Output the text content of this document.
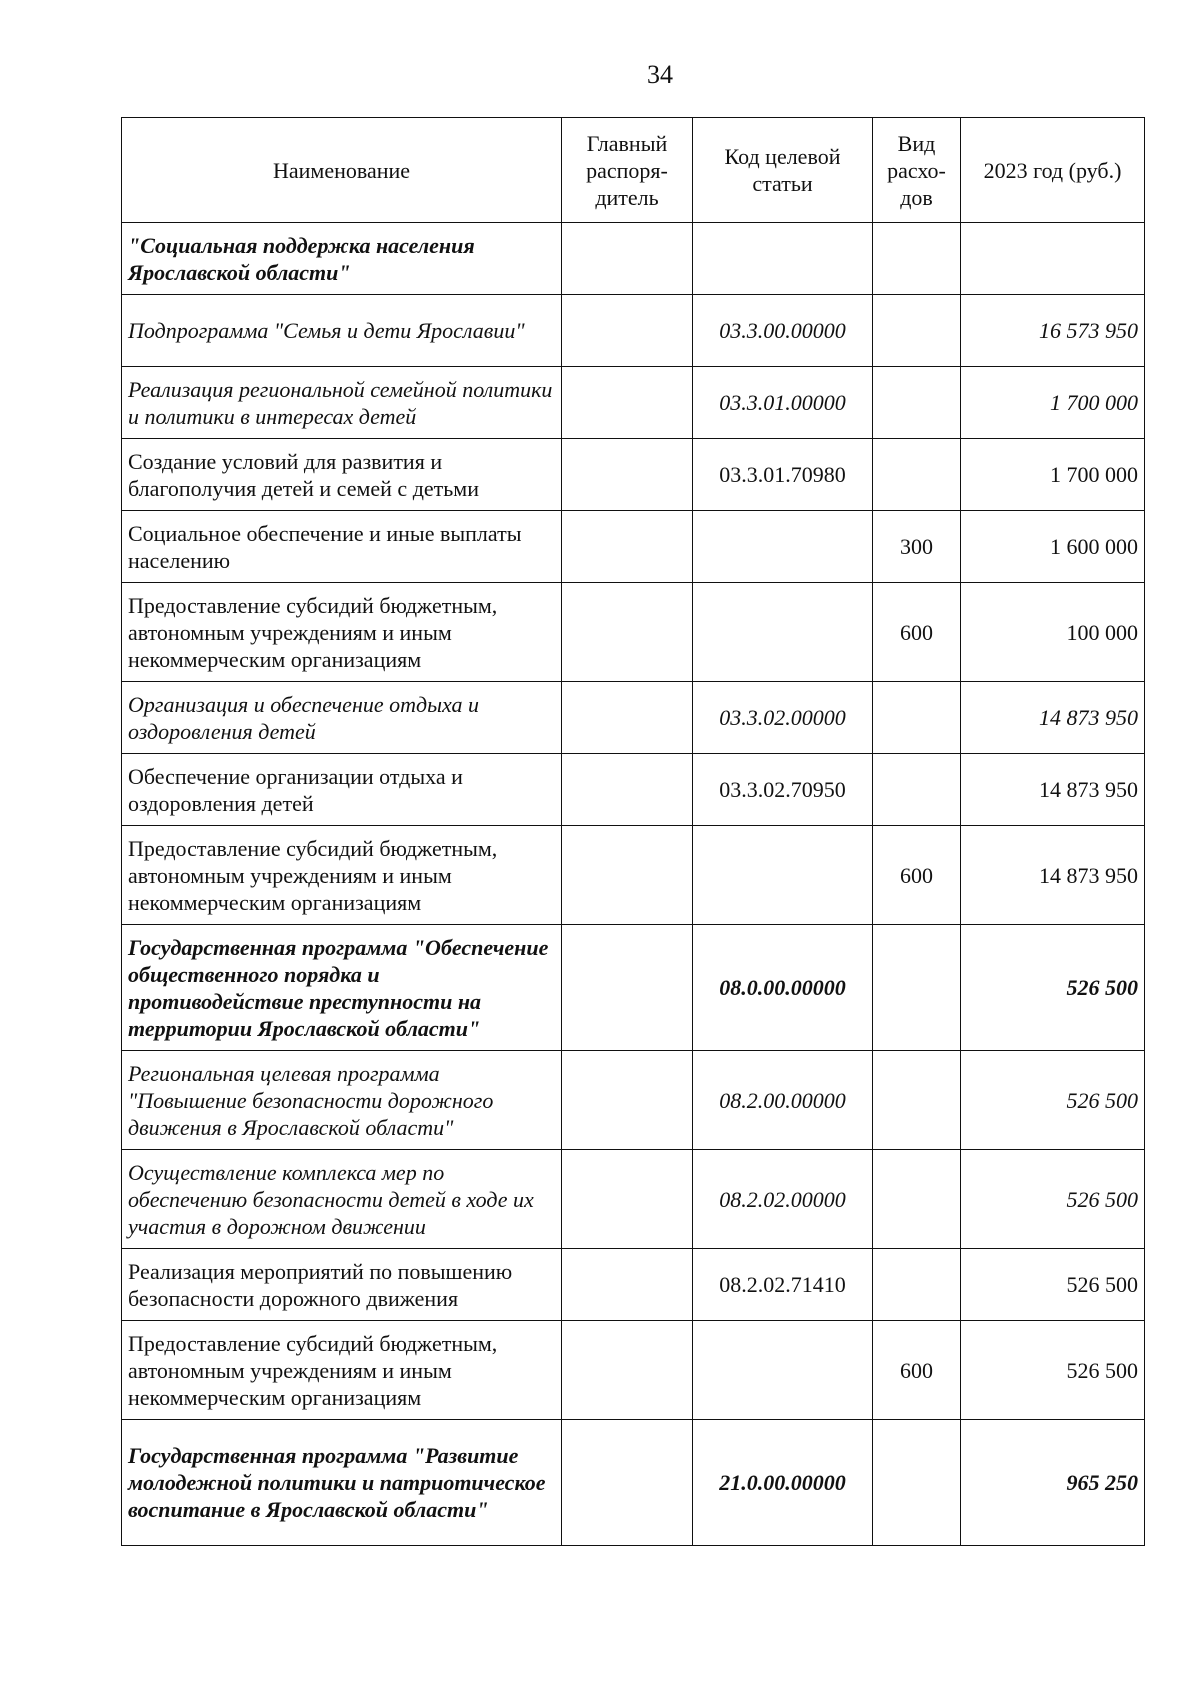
34
Наименование	Главный распоря-дитель	Код целевой статьи	Вид расхо-дов	2023 год (руб.)
"Социальная поддержка населения Ярославской области"				
Подпрограмма "Семья и дети Ярославии"		03.3.00.00000		16 573 950
Реализация региональной семейной политики и политики в интересах детей		03.3.01.00000		1 700 000
Создание условий для развития и благополучия детей и семей с детьми		03.3.01.70980		1 700 000
Социальное обеспечение и иные выплаты населению			300	1 600 000
Предоставление субсидий бюджетным, автономным учреждениям и иным некоммерческим организациям			600	100 000
Организация и обеспечение отдыха и оздоровления детей		03.3.02.00000		14 873 950
Обеспечение организации отдыха и оздоровления детей		03.3.02.70950		14 873 950
Предоставление субсидий бюджетным, автономным учреждениям и иным некоммерческим организациям			600	14 873 950
Государственная программа "Обеспечение общественного порядка и противодействие преступности на территории Ярославской области"		08.0.00.00000		526 500
Региональная целевая программа "Повышение безопасности дорожного движения в Ярославской области"		08.2.00.00000		526 500
Осуществление комплекса мер по обеспечению безопасности детей в ходе их участия в дорожном движении		08.2.02.00000		526 500
Реализация мероприятий по повышению безопасности дорожного движения		08.2.02.71410		526 500
Предоставление субсидий бюджетным, автономным учреждениям и иным некоммерческим организациям			600	526 500
Государственная программа "Развитие молодежной политики и патриотическое воспитание в Ярославской области"		21.0.00.00000		965 250
